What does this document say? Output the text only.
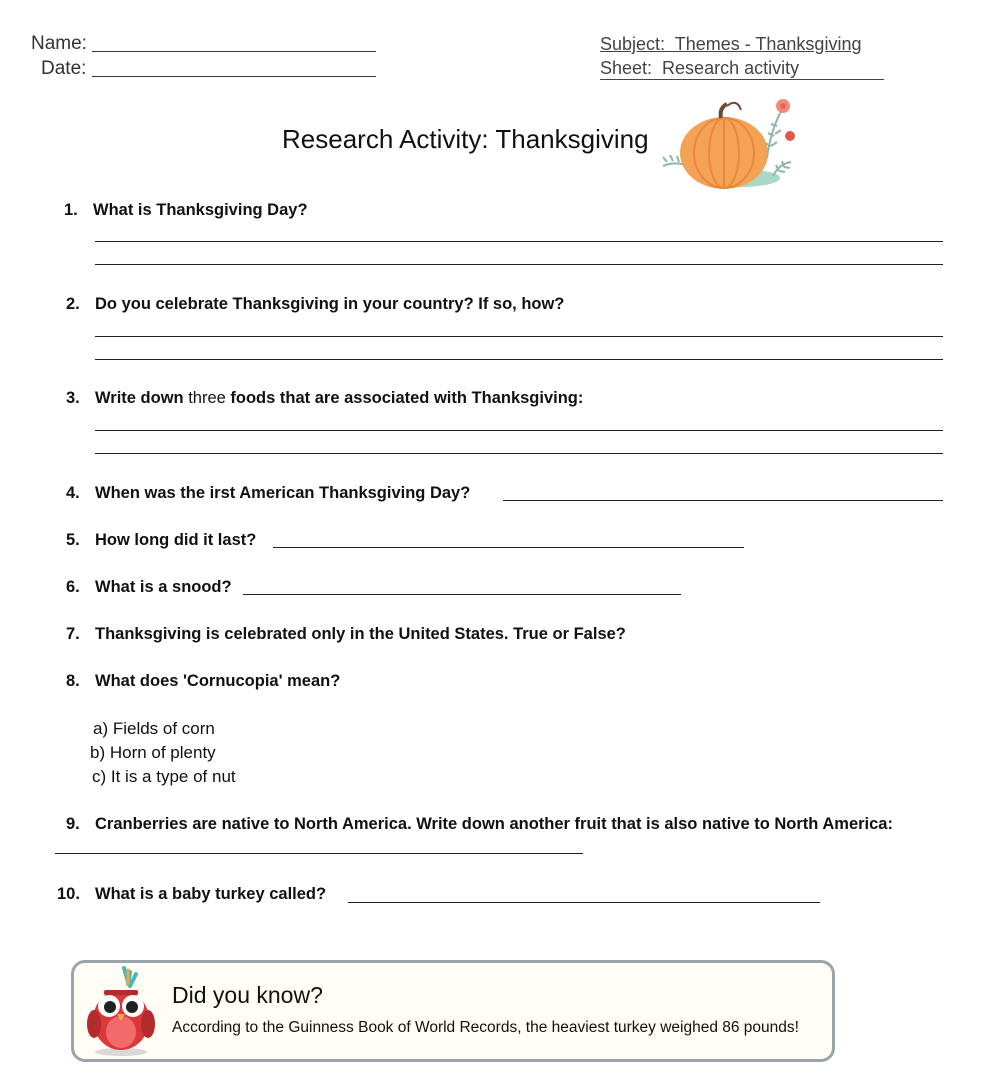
Name:
Date:
Subject:  Themes - Thanksgiving
Sheet:  Research activity
Research Activity: Thanksgiving
1. What is Thanksgiving Day?
2. Do you celebrate Thanksgiving in your country? If so, how?
3. Write down three foods that are associated with Thanksgiving:
4. When was the irst American Thanksgiving Day?
5. How long did it last?
6. What is a snood?
7. Thanksgiving is celebrated only in the United States. True or False?
8. What does 'Cornucopia' mean?
a) Fields of corn
b) Horn of plenty
c) It is a type of nut
9. Cranberries are native to North America. Write down another fruit that is also native to North America:
10. What is a baby turkey called?
Did you know?
According to the Guinness Book of World Records, the heaviest turkey weighed 86 pounds!
